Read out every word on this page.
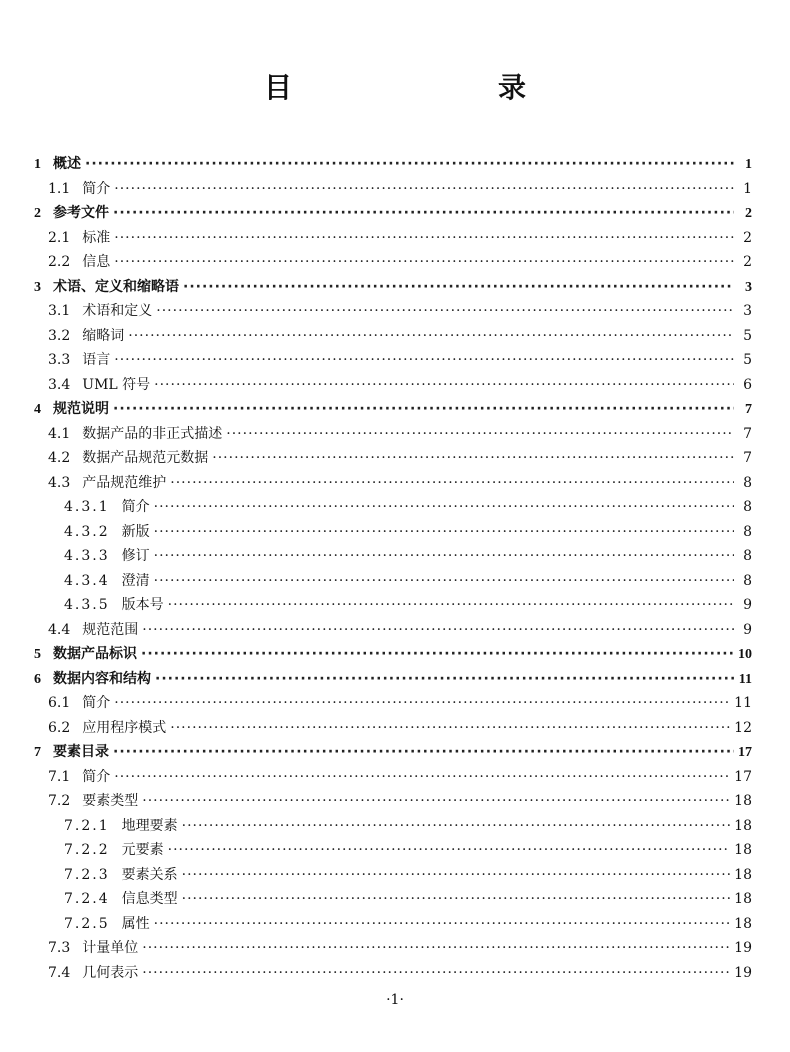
目　　录
1 概述 ·····	1
1.1 简介 ·····	1
2 参考文件 ·····	2
2.1 标准 ·····	2
2.2 信息 ·····	2
3 术语、定义和缩略语 ·····	3
3.1 术语和定义 ·····	3
3.2 缩略词 ·····	5
3.3 语言 ·····	5
3.4 UML 符号 ·····	6
4 规范说明 ·····	7
4.1 数据产品的非正式描述 ·····	7
4.2 数据产品规范元数据 ·····	7
4.3 产品规范维护 ·····	8
4.3.1 简介 ·····	8
4.3.2 新版 ·····	8
4.3.3 修订 ·····	8
4.3.4 澄清 ·····	8
4.3.5 版本号 ·····	9
4.4 规范范围 ·····	9
5 数据产品标识 ·····	10
6 数据内容和结构 ·····	11
6.1 简介 ·····	11
6.2 应用程序模式 ·····	12
7 要素目录 ·····	17
7.1 简介 ·····	17
7.2 要素类型 ·····	18
7.2.1 地理要素 ·····	18
7.2.2 元要素 ·····	18
7.2.3 要素关系 ·····	18
7.2.4 信息类型 ·····	18
7.2.5 属性 ·····	18
7.3 计量单位 ·····	19
7.4 几何表示 ·····	19
·1·
